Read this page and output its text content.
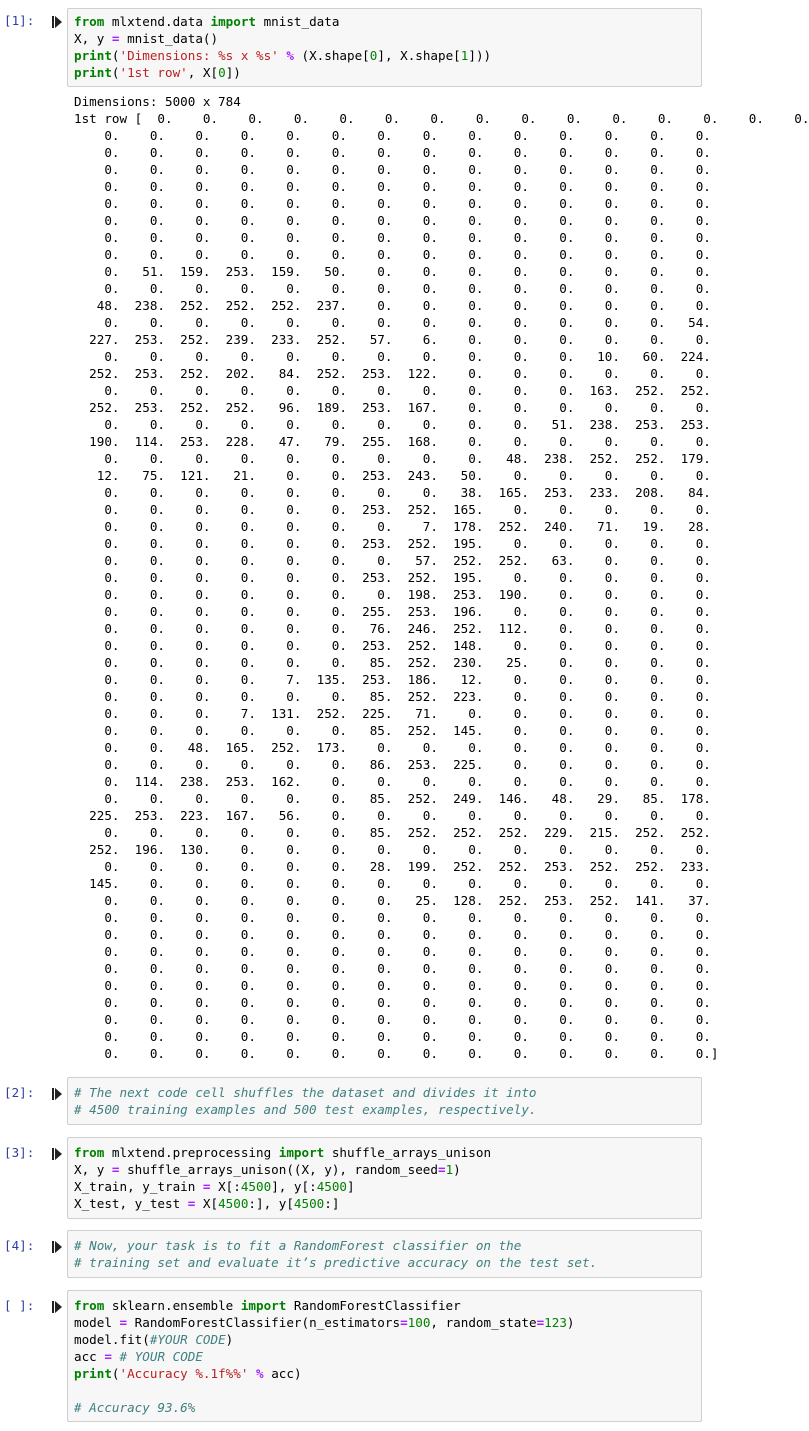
[1]:	from mlxtend.data import mnist_data
X, y = mnist_data()
print('Dimensions: %s x %s' % (X.shape[0], X.shape[1]))
print('1st row', X[0])
Dimensions: 5000 x 784
1st row [  0.    0.    0.    0.    0.    0.    0.    0.    0.    0.    0.    0.    0.    0.    0.
0.    0.    0.    0.    0.    0.    0.    0.    0.    0.    0.    0.    0.    0.
0.    0.    0.    0.    0.    0.    0.    0.    0.    0.    0.    0.    0.    0.
0.    0.    0.    0.    0.    0.    0.    0.    0.    0.    0.    0.    0.    0.
0.    0.    0.    0.    0.    0.    0.    0.    0.    0.    0.    0.    0.    0.
0.    0.    0.    0.    0.    0.    0.    0.    0.    0.    0.    0.    0.    0.
0.    0.    0.    0.    0.    0.    0.    0.    0.    0.    0.    0.    0.    0.
0.    0.    0.    0.    0.    0.    0.    0.    0.    0.    0.    0.    0.    0.
0.    0.    0.    0.    0.    0.    0.    0.    0.    0.    0.    0.    0.    0.
0.   51.  159.  253.  159.   50.    0.    0.    0.    0.    0.    0.    0.    0.
0.    0.    0.    0.    0.    0.    0.    0.    0.    0.    0.    0.    0.    0.
48.  238.  252.  252.  252.  237.    0.    0.    0.    0.    0.    0.    0.    0.
0.    0.    0.    0.    0.    0.    0.    0.    0.    0.    0.    0.    0.   54.
227.  253.  252.  239.  233.  252.   57.    6.    0.    0.    0.    0.    0.    0.
0.    0.    0.    0.    0.    0.    0.    0.    0.    0.    0.   10.   60.  224.
252.  253.  252.  202.   84.  252.  253.  122.    0.    0.    0.    0.    0.    0.
0.    0.    0.    0.    0.    0.    0.    0.    0.    0.    0.  163.  252.  252.
252.  253.  252.  252.   96.  189.  253.  167.    0.    0.    0.    0.    0.    0.
0.    0.    0.    0.    0.    0.    0.    0.    0.    0.   51.  238.  253.  253.
190.  114.  253.  228.   47.   79.  255.  168.    0.    0.    0.    0.    0.    0.
0.    0.    0.    0.    0.    0.    0.    0.    0.   48.  238.  252.  252.  179.
12.   75.  121.   21.    0.    0.  253.  243.   50.    0.    0.    0.    0.    0.
0.    0.    0.    0.    0.    0.    0.    0.   38.  165.  253.  233.  208.   84.
0.    0.    0.    0.    0.    0.  253.  252.  165.    0.    0.    0.    0.    0.
0.    0.    0.    0.    0.    0.    0.    7.  178.  252.  240.   71.   19.   28.
0.    0.    0.    0.    0.    0.  253.  252.  195.    0.    0.    0.    0.    0.
0.    0.    0.    0.    0.    0.    0.   57.  252.  252.   63.    0.    0.    0.
0.    0.    0.    0.    0.    0.  253.  252.  195.    0.    0.    0.    0.    0.
0.    0.    0.    0.    0.    0.    0.  198.  253.  190.    0.    0.    0.    0.
0.    0.    0.    0.    0.    0.  255.  253.  196.    0.    0.    0.    0.    0.
0.    0.    0.    0.    0.    0.   76.  246.  252.  112.    0.    0.    0.    0.
0.    0.    0.    0.    0.    0.  253.  252.  148.    0.    0.    0.    0.    0.
0.    0.    0.    0.    0.    0.   85.  252.  230.   25.    0.    0.    0.    0.
0.    0.    0.    0.    7.  135.  253.  186.   12.    0.    0.    0.    0.    0.
0.    0.    0.    0.    0.    0.   85.  252.  223.    0.    0.    0.    0.    0.
0.    0.    0.    7.  131.  252.  225.   71.    0.    0.    0.    0.    0.    0.
0.    0.    0.    0.    0.    0.   85.  252.  145.    0.    0.    0.    0.    0.
0.    0.   48.  165.  252.  173.    0.    0.    0.    0.    0.    0.    0.    0.
0.    0.    0.    0.    0.    0.   86.  253.  225.    0.    0.    0.    0.    0.
0.  114.  238.  253.  162.    0.    0.    0.    0.    0.    0.    0.    0.    0.
0.    0.    0.    0.    0.    0.   85.  252.  249.  146.   48.   29.   85.  178.
225.  253.  223.  167.   56.    0.    0.    0.    0.    0.    0.    0.    0.    0.
0.    0.    0.    0.    0.    0.   85.  252.  252.  252.  229.  215.  252.  252.
252.  196.  130.    0.    0.    0.    0.    0.    0.    0.    0.    0.    0.    0.
0.    0.    0.    0.    0.    0.   28.  199.  252.  252.  253.  252.  252.  233.
145.    0.    0.    0.    0.    0.    0.    0.    0.    0.    0.    0.    0.    0.
0.    0.    0.    0.    0.    0.    0.   25.  128.  252.  253.  252.  141.   37.
0.    0.    0.    0.    0.    0.    0.    0.    0.    0.    0.    0.    0.    0.
0.    0.    0.    0.    0.    0.    0.    0.    0.    0.    0.    0.    0.    0.
0.    0.    0.    0.    0.    0.    0.    0.    0.    0.    0.    0.    0.    0.
0.    0.    0.    0.    0.    0.    0.    0.    0.    0.    0.    0.    0.    0.
0.    0.    0.    0.    0.    0.    0.    0.    0.    0.    0.    0.    0.    0.
0.    0.    0.    0.    0.    0.    0.    0.    0.    0.    0.    0.    0.    0.
0.    0.    0.    0.    0.    0.    0.    0.    0.    0.    0.    0.    0.    0.
0.    0.    0.    0.    0.    0.    0.    0.    0.    0.    0.    0.    0.    0.
0.    0.    0.    0.    0.    0.    0.    0.    0.    0.    0.    0.    0.    0.]
[2]:	# The next code cell shuffles the dataset and divides it into
# 4500 training examples and 500 test examples, respectively.
[3]:	from mlxtend.preprocessing import shuffle_arrays_unison
X, y = shuffle_arrays_unison((X, y), random_seed=1)
X_train, y_train = X[:4500], y[:4500]
X_test, y_test = X[4500:], y[4500:]
[4]:	# Now, your task is to fit a RandomForest classifier on the
# training set and evaluate it’s predictive accuracy on the test set.
[ ]:	from sklearn.ensemble import RandomForestClassifier
model = RandomForestClassifier(n_estimators=100, random_state=123)
model.fit(#YOUR CODE)
acc = # YOUR CODE
print('Accuracy %.1f%%' % acc)
# Accuracy 93.6%
